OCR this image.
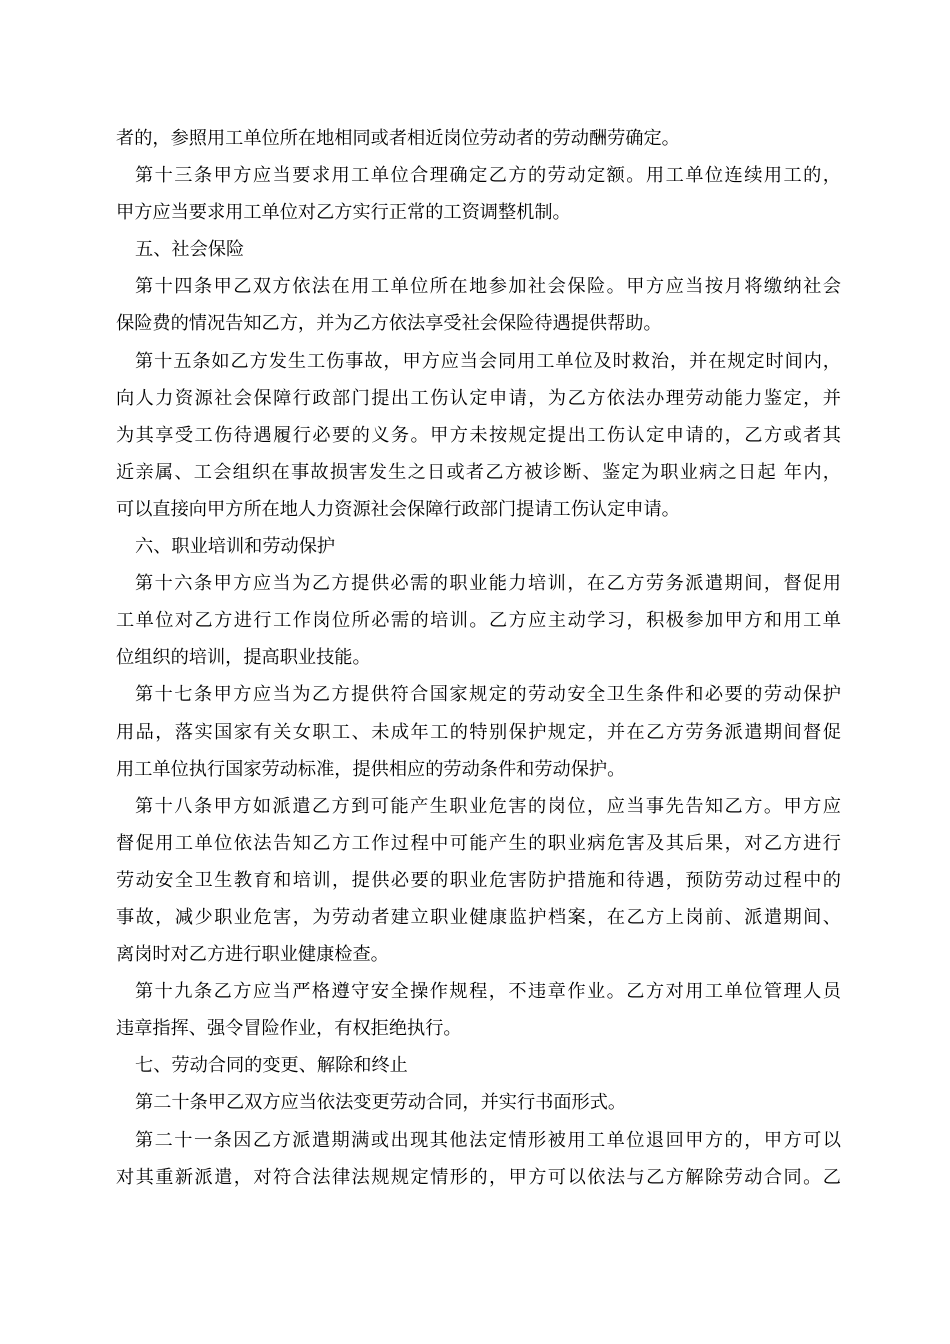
者的，参照用工单位所在地相同或者相近岗位劳动者的劳动酬劳确定。
第十三条甲方应当要求用工单位合理确定乙方的劳动定额。用工单位连续用工的，
甲方应当要求用工单位对乙方实行正常的工资调整机制。
五、社会保险
第十四条甲乙双方依法在用工单位所在地参加社会保险。甲方应当按月将缴纳社会
保险费的情况告知乙方，并为乙方依法享受社会保险待遇提供帮助。
第十五条如乙方发生工伤事故，甲方应当会同用工单位及时救治，并在规定时间内，
向人力资源社会保障行政部门提出工伤认定申请，为乙方依法办理劳动能力鉴定，并
为其享受工伤待遇履行必要的义务。甲方未按规定提出工伤认定申请的，乙方或者其
近亲属、工会组织在事故损害发生之日或者乙方被诊断、鉴定为职业病之日起 年内，
可以直接向甲方所在地人力资源社会保障行政部门提请工伤认定申请。
六、职业培训和劳动保护
第十六条甲方应当为乙方提供必需的职业能力培训，在乙方劳务派遣期间，督促用
工单位对乙方进行工作岗位所必需的培训。乙方应主动学习，积极参加甲方和用工单
位组织的培训，提高职业技能。
第十七条甲方应当为乙方提供符合国家规定的劳动安全卫生条件和必要的劳动保护
用品，落实国家有关女职工、未成年工的特别保护规定，并在乙方劳务派遣期间督促
用工单位执行国家劳动标准，提供相应的劳动条件和劳动保护。
第十八条甲方如派遣乙方到可能产生职业危害的岗位，应当事先告知乙方。甲方应
督促用工单位依法告知乙方工作过程中可能产生的职业病危害及其后果，对乙方进行
劳动安全卫生教育和培训，提供必要的职业危害防护措施和待遇，预防劳动过程中的
事故，减少职业危害，为劳动者建立职业健康监护档案，在乙方上岗前、派遣期间、
离岗时对乙方进行职业健康检查。
第十九条乙方应当严格遵守安全操作规程，不违章作业。乙方对用工单位管理人员
违章指挥、强令冒险作业，有权拒绝执行。
七、劳动合同的变更、解除和终止
第二十条甲乙双方应当依法变更劳动合同，并实行书面形式。
第二十一条因乙方派遣期满或出现其他法定情形被用工单位退回甲方的，甲方可以
对其重新派遣，对符合法律法规规定情形的，甲方可以依法与乙方解除劳动合同。乙
